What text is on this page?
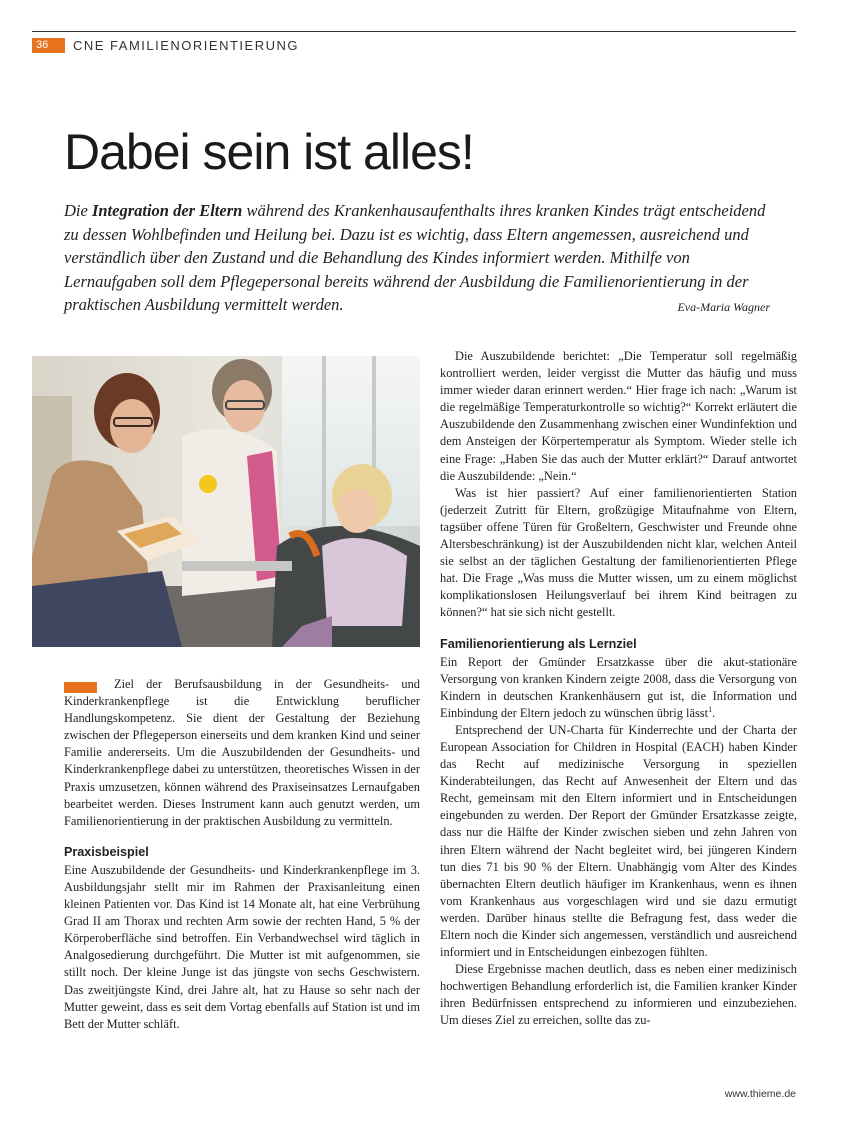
36	CNE FAMILIENORIENTIERUNG
Dabei sein ist alles!

Die Integration der Eltern während des Krankenhausaufenthalts ihres kranken Kindes trägt entscheidend zu dessen Wohlbefinden und Heilung bei. Dazu ist es wichtig, dass Eltern angemessen, ausreichend und verständlich über den Zustand und die Behandlung des Kindes informiert werden. Mithilfe von Lernaufgaben soll dem Pflegepersonal bereits während der Ausbildung die Familienorientierung in der praktischen Ausbildung vermittelt werden.	Eva-Maria Wagner

Ziel der Berufsausbildung in der Gesundheits- und Kinderkrankenpflege ist die Entwicklung beruflicher Handlungskompetenz. Sie dient der Gestaltung der Beziehung zwischen der Pflegeperson einerseits und dem kranken Kind und seiner Familie andererseits. Um die Auszubildenden der Gesundheits- und Kinderkrankenpflege dabei zu unterstützen, theoretisches Wissen in der Praxis umzusetzen, können während des Praxiseinsatzes Lernaufgaben bearbeitet werden. Dieses Instrument kann auch genutzt werden, um Familienorientierung in der praktischen Ausbildung zu vermitteln.

Praxisbeispiel

Eine Auszubildende der Gesundheits- und Kinderkrankenpflege im 3. Ausbildungsjahr stellt mir im Rahmen der Praxisanleitung einen kleinen Patienten vor. Das Kind ist 14 Monate alt, hat eine Verbrühung Grad II am Thorax und rechten Arm sowie der rechten Hand, 5 % der Körperoberfläche sind betroffen. Ein Verbandwechsel wird täglich in Analgosedierung durchgeführt. Die Mutter ist mit aufgenommen, sie stillt noch. Der kleine Junge ist das jüngste von sechs Geschwistern. Das zweitjüngste Kind, drei Jahre alt, hat zu Hause so sehr nach der Mutter geweint, dass es seit dem Vortag ebenfalls auf Station ist und im Bett der Mutter schläft.

Die Auszubildende berichtet: „Die Temperatur soll regelmäßig kontrolliert werden, leider vergisst die Mutter das häufig und muss immer wieder daran erinnert werden.“ Hier frage ich nach: „Warum ist die regelmäßige Temperaturkontrolle so wichtig?“ Korrekt erläutert die Auszubildende den Zusammenhang zwischen einer Wundinfektion und dem Ansteigen der Körpertemperatur als Symptom. Wieder stelle ich eine Frage: „Haben Sie das auch der Mutter erklärt?“ Darauf antwortet die Auszubildende: „Nein.“

Was ist hier passiert? Auf einer familienorientierten Station (jederzeit Zutritt für Eltern, großzügige Mitaufnahme von Eltern, tagsüber offene Türen für Großeltern, Geschwister und Freunde ohne Altersbeschränkung) ist der Auszubildenden nicht klar, welchen Anteil sie selbst an der täglichen Gestaltung der familienorientierten Pflege hat. Die Frage „Was muss die Mutter wissen, um zu einem möglichst komplikationslosen Heilungsverlauf bei ihrem Kind beitragen zu können?“ hat sie sich nicht gestellt.

Familienorientierung als Lernziel

Ein Report der Gmünder Ersatzkasse über die akut-stationäre Versorgung von kranken Kindern zeigte 2008, dass die Versorgung von Kindern in deutschen Krankenhäusern gut ist, die Information und Einbindung der Eltern jedoch zu wünschen übrig lässt$^1$.

Entsprechend der UN-Charta für Kinderrechte und der Charta der European Association for Children in Hospital (EACH) haben Kinder das Recht auf medizinische Versorgung in speziellen Kinderabteilungen, das Recht auf Anwesenheit der Eltern und das Recht, gemeinsam mit den Eltern informiert und in Entscheidungen eingebunden zu werden. Der Report der Gmünder Ersatzkasse zeigte, dass nur die Hälfte der Kinder zwischen sieben und zehn Jahren von ihren Eltern während der Nacht begleitet wird, bei jüngeren Kindern tun dies 71 bis 90 % der Eltern. Unabhängig vom Alter des Kindes übernachten Eltern deutlich häufiger im Krankenhaus, wenn es ihnen vom Krankenhaus aus vorgeschlagen wird und sie dazu ermutigt werden. Darüber hinaus stellte die Befragung fest, dass weder die Eltern noch die Kinder sich angemessen, verständlich und ausreichend informiert und in Entscheidungen einbezogen fühlten.

Diese Ergebnisse machen deutlich, dass es neben einer medizinisch hochwertigen Behandlung erforderlich ist, die Familien kranker Kinder ihren Bedürfnissen entsprechend zu informieren und einzubeziehen. Um dieses Ziel zu erreichen, sollte das zu-

www.thieme.de
